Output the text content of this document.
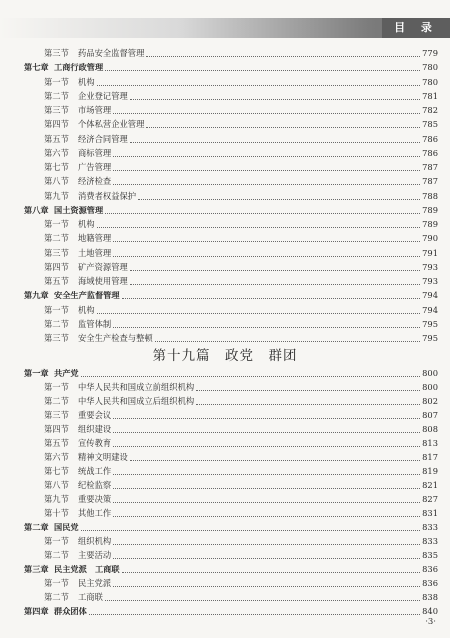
目 录
第三节 药品安全监督管理	779
第七章 工商行政管理	780
第一节 机构	780
第二节 企业登记管理	781
第三节 市场管理	782
第四节 个体私营企业管理	785
第五节 经济合同管理	786
第六节 商标管理	786
第七节 广告管理	787
第八节 经济检查	787
第九节 消费者权益保护	788
第八章 国土资源管理	789
第一节 机构	789
第二节 地籍管理	790
第三节 土地管理	791
第四节 矿产资源管理	793
第五节 海域使用管理	793
第九章 安全生产监督管理	794
第一节 机构	794
第二节 监管体制	795
第三节 安全生产检查与整顿	795
第一章 共产党	800
第一节 中华人民共和国成立前组织机构	800
第二节 中华人民共和国成立后组织机构	802
第三节 重要会议	807
第四节 组织建设	808
第五节 宣传教育	813
第六节 精神文明建设	817
第七节 统战工作	819
第八节 纪检监察	821
第九节 重要决策	827
第十节 其他工作	831
第二章 国民党	833
第一节 组织机构	833
第二节 主要活动	835
第三章 民主党派　工商联	836
第一节 民主党派	836
第二节 工商联	838
第四章 群众团体	840
第十九篇　政党　群团
·3·
